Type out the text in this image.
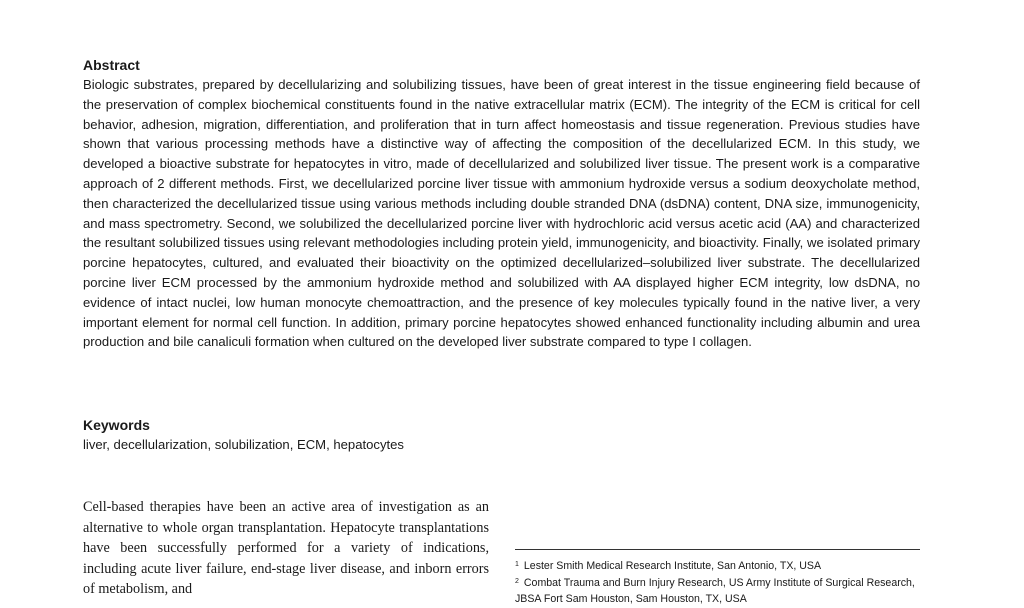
Abstract

Biologic substrates, prepared by decellularizing and solubilizing tissues, have been of great interest in the tissue engineering field because of the preservation of complex biochemical constituents found in the native extracellular matrix (ECM). The integrity of the ECM is critical for cell behavior, adhesion, migration, differentiation, and proliferation that in turn affect homeostasis and tissue regeneration. Previous studies have shown that various processing methods have a distinctive way of affecting the composition of the decellularized ECM. In this study, we developed a bioactive substrate for hepatocytes in vitro, made of decellularized and solubilized liver tissue. The present work is a comparative approach of 2 different methods. First, we decellularized porcine liver tissue with ammonium hydroxide versus a sodium deoxycholate method, then characterized the decellularized tissue using various methods including double stranded DNA (dsDNA) content, DNA size, immunogenicity, and mass spectrometry. Second, we solubilized the decellularized porcine liver with hydrochloric acid versus acetic acid (AA) and characterized the resultant solubilized tissues using relevant methodologies including protein yield, immunogenicity, and bioactivity. Finally, we isolated primary porcine hepatocytes, cultured, and evaluated their bioactivity on the optimized decellularized–solubilized liver substrate. The decellularized porcine liver ECM processed by the ammonium hydroxide method and solubilized with AA displayed higher ECM integrity, low dsDNA, no evidence of intact nuclei, low human monocyte chemoattraction, and the presence of key molecules typically found in the native liver, a very important element for normal cell function. In addition, primary porcine hepatocytes showed enhanced functionality including albumin and urea production and bile canaliculi formation when cultured on the developed liver substrate compared to type I collagen.

Keywords

liver, decellularization, solubilization, ECM, hepatocytes

Cell-based therapies have been an active area of investigation as an alternative to whole organ transplantation. Hepatocyte transplantations have been successfully performed for a variety of indications, including acute liver failure, end-stage liver disease, and inborn errors of metabolism, and

$^1$ Lester Smith Medical Research Institute, San Antonio, TX, USA

$^2$ Combat Trauma and Burn Injury Research, US Army Institute of Surgical Research, JBSA Fort Sam Houston, Sam Houston, TX, USA
